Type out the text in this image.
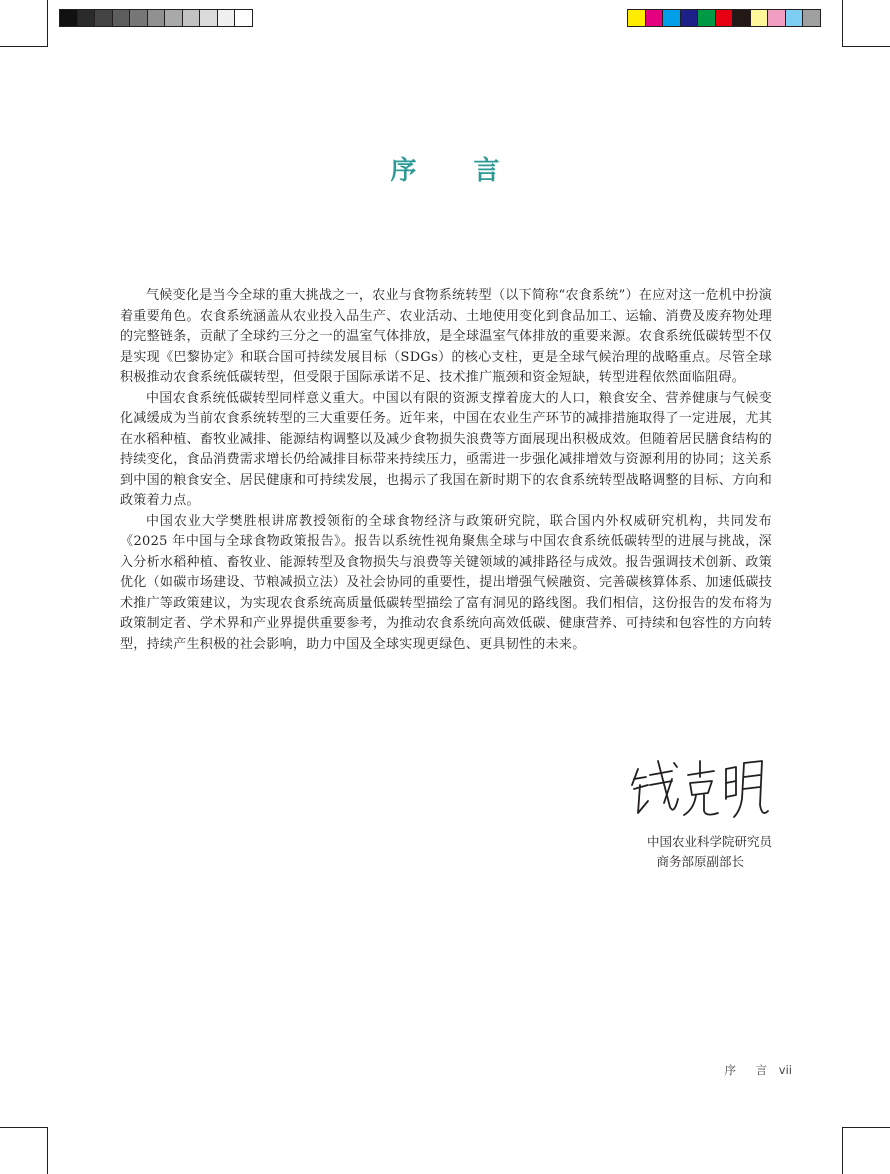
序 言

气候变化是当今全球的重大挑战之一，农业与食物系统转型（以下简称“农食系统”）在应对这一危机中扮演着重要角色。农食系统涵盖从农业投入品生产、农业活动、土地使用变化到食品加工、运输、消费及废弃物处理的完整链条，贡献了全球约三分之一的温室气体排放，是全球温室气体排放的重要来源。农食系统低碳转型不仅是实现《巴黎协定》和联合国可持续发展目标（SDGs）的核心支柱，更是全球气候治理的战略重点。尽管全球积极推动农食系统低碳转型，但受限于国际承诺不足、技术推广瓶颈和资金短缺，转型进程依然面临阻碍。

中国农食系统低碳转型同样意义重大。中国以有限的资源支撑着庞大的人口，粮食安全、营养健康与气候变化减缓成为当前农食系统转型的三大重要任务。近年来，中国在农业生产环节的减排措施取得了一定进展，尤其在水稻种植、畜牧业减排、能源结构调整以及减少食物损失浪费等方面展现出积极成效。但随着居民膳食结构的持续变化，食品消费需求增长仍给减排目标带来持续压力，亟需进一步强化减排增效与资源利用的协同；这关系到中国的粮食安全、居民健康和可持续发展，也揭示了我国在新时期下的农食系统转型战略调整的目标、方向和政策着力点。

中国农业大学樊胜根讲席教授领衔的全球食物经济与政策研究院，联合国内外权威研究机构，共同发布《2025 年中国与全球食物政策报告》。报告以系统性视角聚焦全球与中国农食系统低碳转型的进展与挑战，深入分析水稻种植、畜牧业、能源转型及食物损失与浪费等关键领域的减排路径与成效。报告强调技术创新、政策优化（如碳市场建设、节粮减损立法）及社会协同的重要性，提出增强气候融资、完善碳核算体系、加速低碳技术推广等政策建议，为实现农食系统高质量低碳转型描绘了富有洞见的路线图。我们相信，这份报告的发布将为政策制定者、学术界和产业界提供重要参考，为推动农食系统向高效低碳、健康营养、可持续和包容性的方向转型，持续产生积极的社会影响，助力中国及全球实现更绿色、更具韧性的未来。

中国农业科学院研究员
商务部原副部长
序 言 vii
